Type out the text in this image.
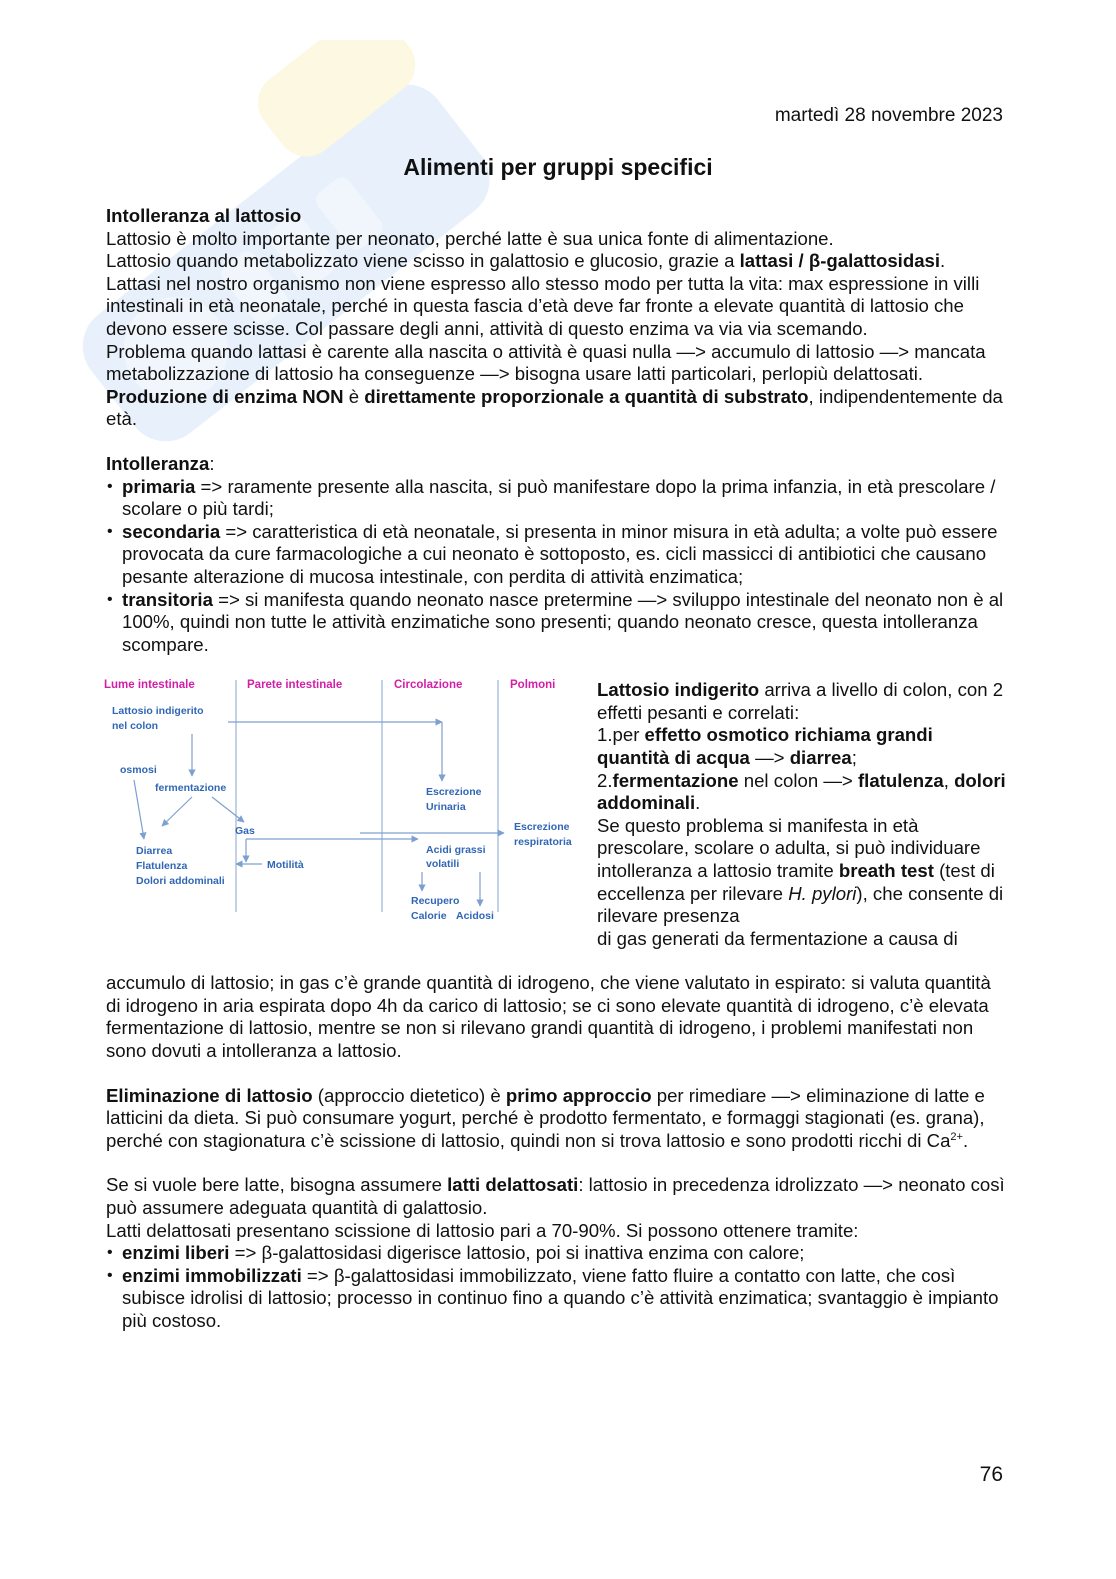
martedì 28 novembre 2023
Alimenti per gruppi specifici

Intolleranza al lattosio
Lattosio è molto importante per neonato, perché latte è sua unica fonte di alimentazione.
Lattosio quando metabolizzato viene scisso in galattosio e glucosio, grazie a lattasi / β-galattosidasi.
Lattasi nel nostro organismo non viene espresso allo stesso modo per tutta la vita: max espressione in villi intestinali in età neonatale, perché in questa fascia d’età deve far fronte a elevate quantità di lattosio che devono essere scisse. Col passare degli anni, attività di questo enzima va via via scemando.
Problema quando lattasi è carente alla nascita o attività è quasi nulla —> accumulo di lattosio —> mancata metabolizzazione di lattosio ha conseguenze —> bisogna usare latti particolari, perlopiù delattosati.
Produzione di enzima NON è direttamente proporzionale a quantità di substrato, indipendentemente da età.

Intolleranza:

• primaria => raramente presente alla nascita, si può manifestare dopo la prima infanzia, in età prescolare / scolare o più tardi;
• secondaria => caratteristica di età neonatale, si presenta in minor misura in età adulta; a volte può essere provocata da cure farmacologiche a cui neonato è sottoposto, es. cicli massicci di antibiotici che causano pesante alterazione di mucosa intestinale, con perdita di attività enzimatica;
• transitoria => si manifesta quando neonato nasce pretermine —> sviluppo intestinale del neonato non è al 100%, quindi non tutte le attività enzimatiche sono presenti; quando neonato cresce, questa intolleranza scompare.
Lume intestinale	Parete intestinale	Circolazione	Polmoni
Lattosio indigerito
nel colon
osmosi
fermentazione
Gas
Diarrea
Flatulenza
Dolori addominali
Motilità
Escrezione
Urinaria
Acidi grassi
volatili
Escrezione
respiratoria
Recupero
Calorie Acidosi
Lattosio indigerito arriva a livello di colon, con 2 effetti pesanti e correlati:
1.per effetto osmotico richiama grandi quantità di acqua —> diarrea;
2.fermentazione nel colon —> flatulenza, dolori addominali.
Se questo problema si manifesta in età prescolare, scolare o adulta, si può individuare intolleranza a lattosio tramite breath test (test di eccellenza per rilevare H. pylori), che consente di rilevare presenza
di gas generati da fermentazione a causa di

accumulo di lattosio; in gas c’è grande quantità di idrogeno, che viene valutato in espirato: si valuta quantità di idrogeno in aria espirata dopo 4h da carico di lattosio; se ci sono elevate quantità di idrogeno, c’è elevata fermentazione di lattosio, mentre se non si rilevano grandi quantità di idrogeno, i problemi manifestati non sono dovuti a intolleranza a lattosio.

Eliminazione di lattosio (approccio dietetico) è primo approccio per rimediare —> eliminazione di latte e latticini da dieta. Si può consumare yogurt, perché è prodotto fermentato, e formaggi stagionati (es. grana), perché con stagionatura c’è scissione di lattosio, quindi non si trova lattosio e sono prodotti ricchi di $Ca^{2+}$.

Se si vuole bere latte, bisogna assumere latti delattosati: lattosio in precedenza idrolizzato —> neonato così può assumere adeguata quantità di galattosio.
Latti delattosati presentano scissione di lattosio pari a 70-90%. Si possono ottenere tramite:

• enzimi liberi => β-galattosidasi digerisce lattosio, poi si inattiva enzima con calore;
• enzimi immobilizzati => β-galattosidasi immobilizzato, viene fatto fluire a contatto con latte, che così subisce idrolisi di lattosio; processo in continuo fino a quando c’è attività enzimatica; svantaggio è impianto più costoso.
76
